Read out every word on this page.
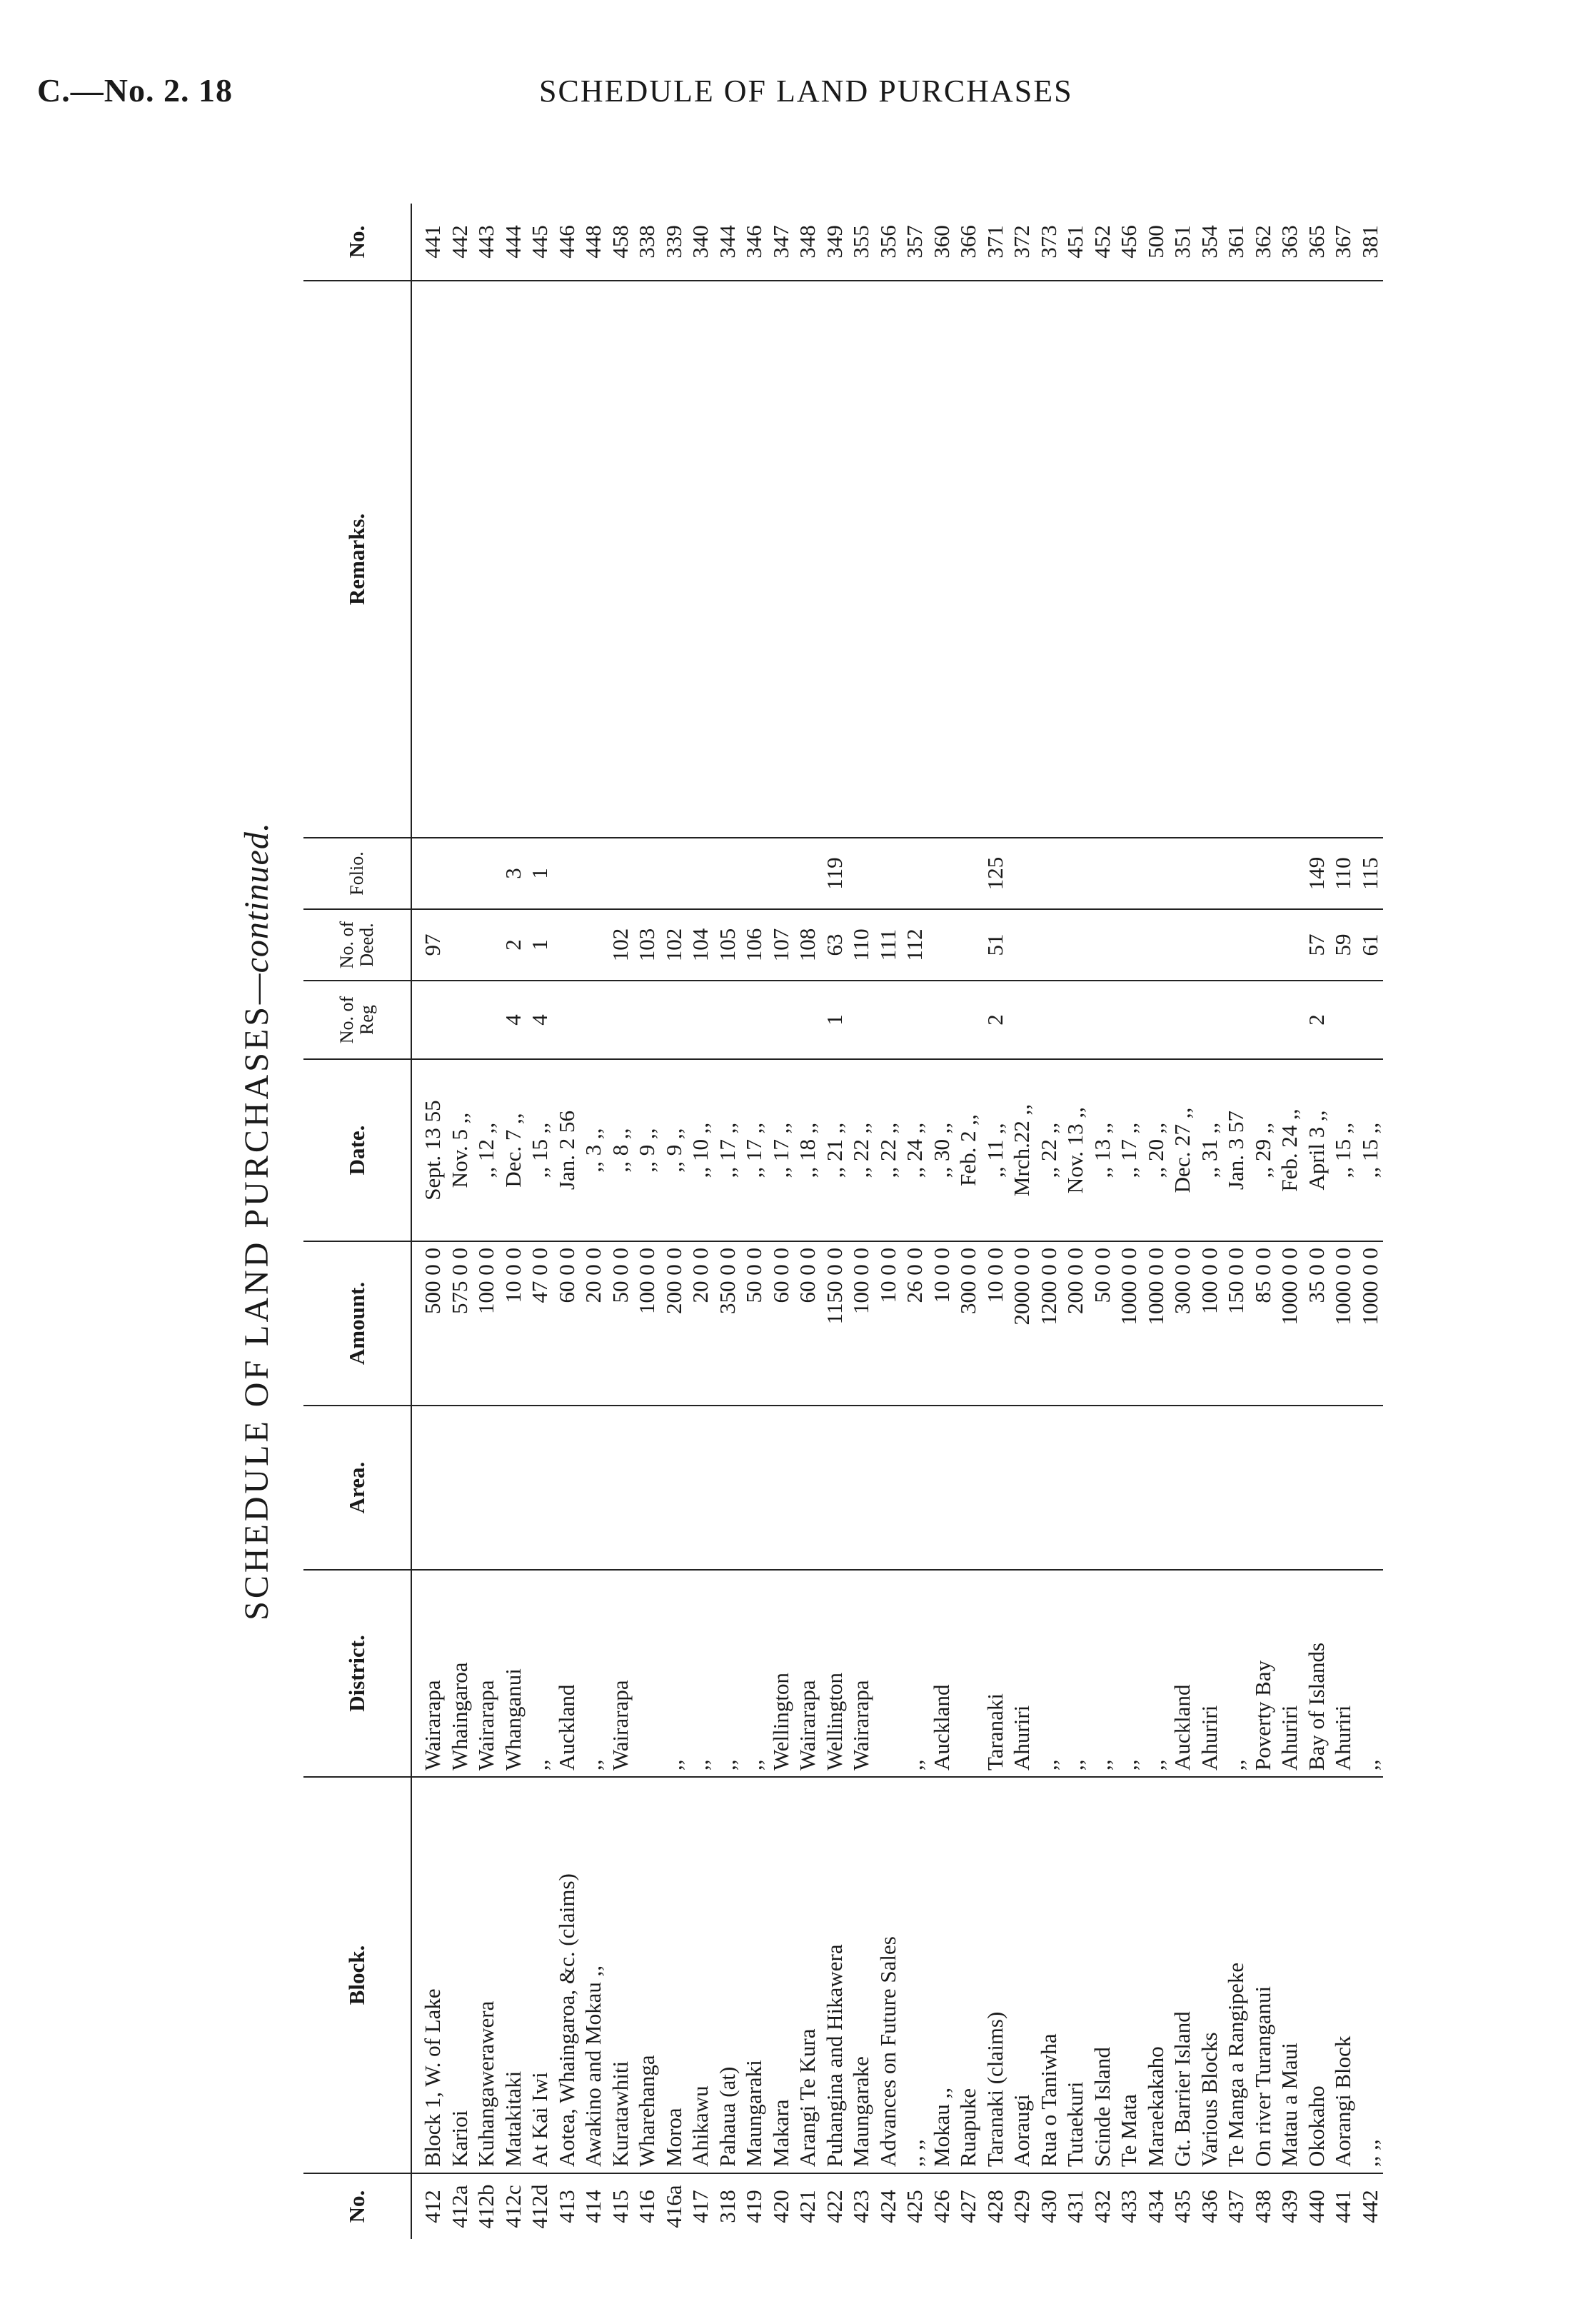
C.—No. 2. 18	SCHEDULE OF LAND PURCHASES
SCHEDULE OF LAND PURCHASES—continued.
No.	Block.	District.	Area.	Amount.	Date.	No. of Reg	No. of Deed.	Folio.	Remarks.	No.
412	Block 1, W. of Lake	Wairarapa		500 0 0	Sept. 13 55		97			441
412a	Karioi	Whaingaroa		575 0 0	Nov. 5 ,,					442
412b	Kuhangawerawera	Wairarapa		100 0 0	,, 12 ,,					443
412c	Matakitaki	Whanganui		10 0 0	Dec. 7 ,,	4	2	3		444
412d	At Kai Iwi	,,		47 0 0	,, 15 ,,	4	1	1		445
413	Aotea, Whaingaroa, &c. (claims)	Auckland		60 0 0	Jan. 2 56					446
414	Awakino and Mokau ,,	,,		20 0 0	,, 3 ,,					448
415	Kuratawhiti	Wairarapa		50 0 0	,, 8 ,,		102			458
416	Wharehanga			100 0 0	,, 9 ,,		103			338
416a	Moroa	,,		200 0 0	,, 9 ,,		102			339
417	Ahikawu	,,		20 0 0	,, 10 ,,		104			340
318	Pahaua (at)	,,		350 0 0	,, 17 ,,		105			344
419	Maungaraki	,,		50 0 0	,, 17 ,,		106			346
420	Makara	Wellington		60 0 0	,, 17 ,,		107			347
421	Arangi Te Kura	Wairarapa		60 0 0	,, 18 ,,		108			348
422	Puhangina and Hikawera	Wellington		1150 0 0	,, 21 ,,	1	63	119		349
423	Maungarake	Wairarapa		100 0 0	,, 22 ,,		110			355
424	Advances on Future Sales			10 0 0	,, 22 ,,		111			356
425	,, ,,	,,		26 0 0	,, 24 ,,		112			357
426	Mokau ,,	Auckland		10 0 0	,, 30 ,,					360
427	Ruapuke			300 0 0	Feb. 2 ,,					366
428	Taranaki (claims)	Taranaki		10 0 0	,, 11 ,,	2	51	125		371
429	Aoraugi	Ahuriri		2000 0 0	Mrch.22 ,,					372
430	Rua o Taniwha	,,		1200 0 0	,, 22 ,,					373
431	Tutaekuri	,,		200 0 0	Nov. 13 ,,					451
432	Scinde Island	,,		50 0 0	,, 13 ,,					452
433	Te Mata	,,		1000 0 0	,, 17 ,,					456
434	Maraekakaho	,,		1000 0 0	,, 20 ,,					500
435	Gt. Barrier Island	Auckland		300 0 0	Dec. 27 ,,					351
436	Various Blocks	Ahuriri		100 0 0	,, 31 ,,					354
437	Te Manga a Rangipeke	,,		150 0 0	Jan. 3 57					361
438	On river Turanganui	Poverty Bay		85 0 0	,, 29 ,,					362
439	Matau a Maui	Ahuriri		1000 0 0	Feb. 24 ,,					363
440	Okokaho	Bay of Islands		35 0 0	April 3 ,,	2	57	149		365
441	Aorangi Block	Ahuriri		1000 0 0	,, 15 ,,		59	110		367
442	,, ,,	,,		1000 0 0	,, 15 ,,		61	115		381
